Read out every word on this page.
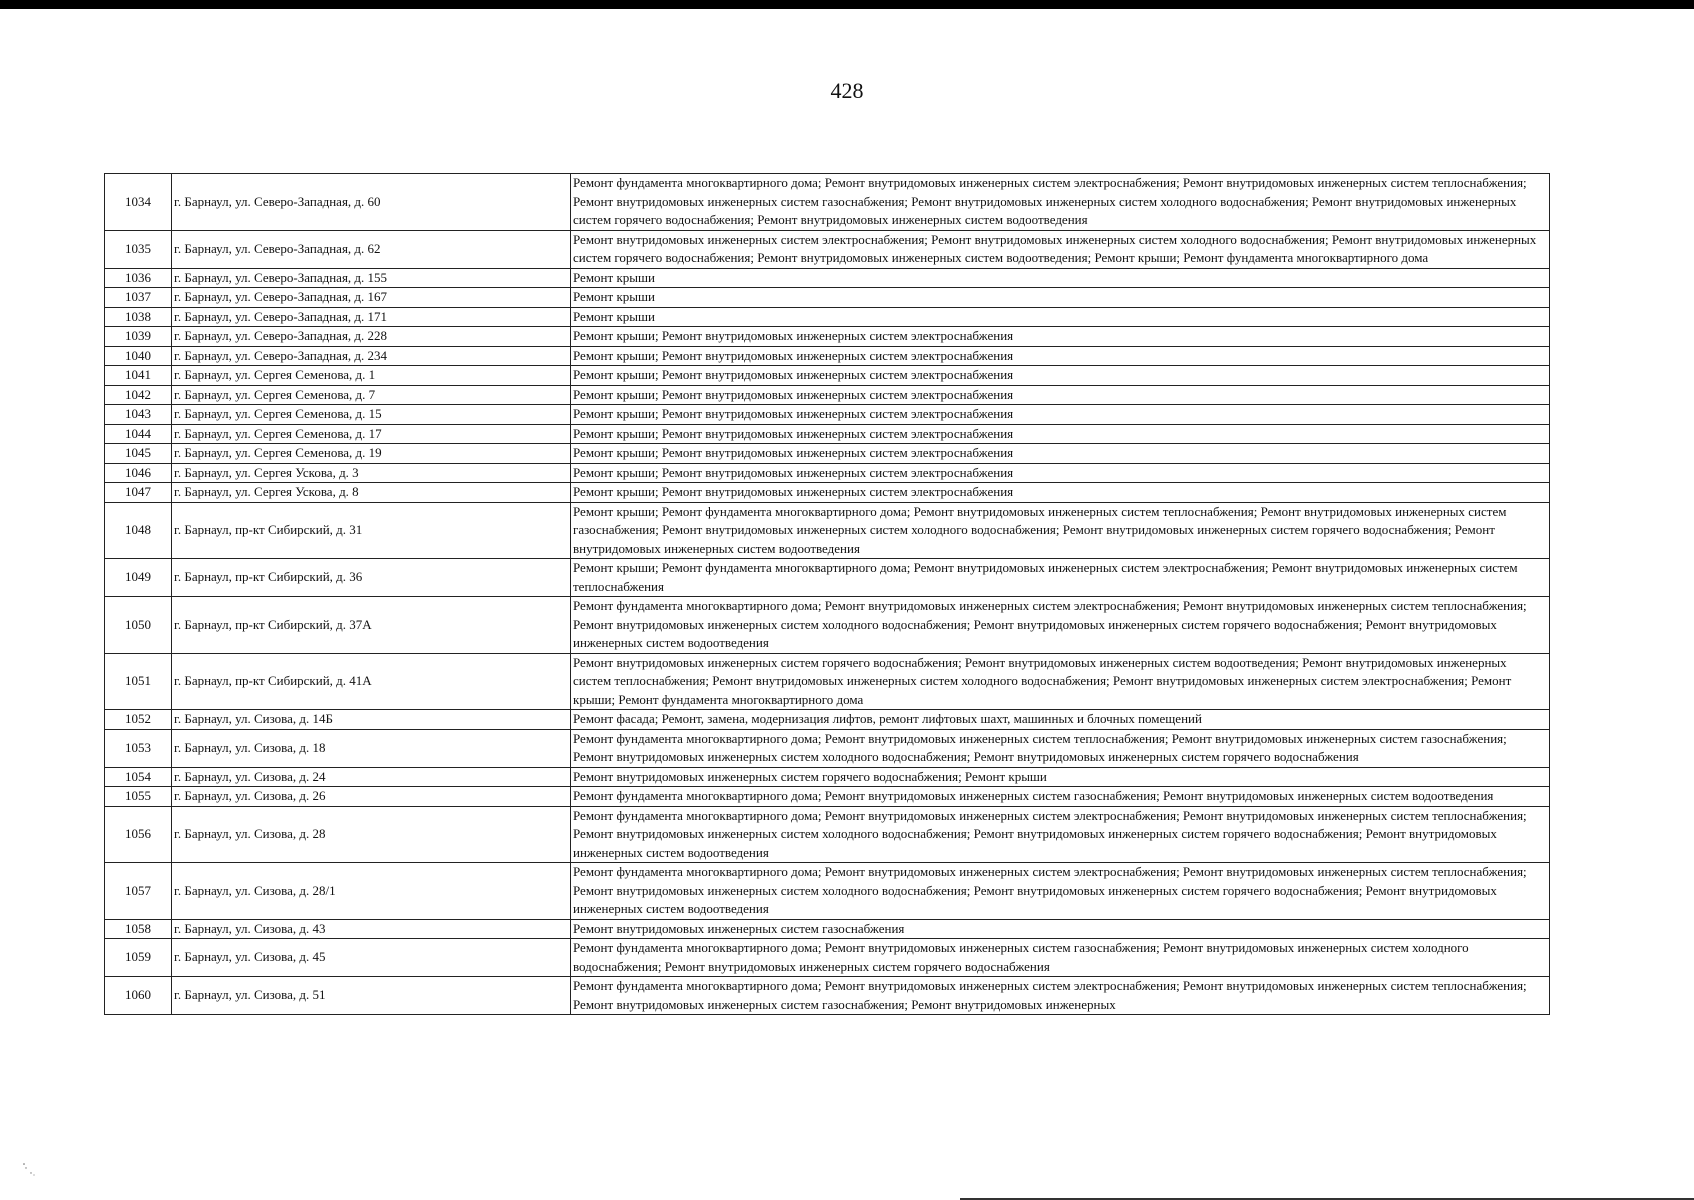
428
1034	г. Барнаул, ул. Северо-Западная, д. 60	Ремонт фундамента многоквартирного дома; Ремонт внутридомовых инженерных систем электроснабжения; Ремонт внутридомовых инженерных систем теплоснабжения; Ремонт внутридомовых инженерных систем газоснабжения; Ремонт внутридомовых инженерных систем холодного водоснабжения; Ремонт внутридомовых инженерных систем горячего водоснабжения; Ремонт внутридомовых инженерных систем водоотведения
1035	г. Барнаул, ул. Северо-Западная, д. 62	Ремонт внутридомовых инженерных систем электроснабжения; Ремонт внутридомовых инженерных систем холодного водоснабжения; Ремонт внутридомовых инженерных систем горячего водоснабжения; Ремонт внутридомовых инженерных систем водоотведения; Ремонт крыши; Ремонт фундамента многоквартирного дома
1036	г. Барнаул, ул. Северо-Западная, д. 155	Ремонт крыши
1037	г. Барнаул, ул. Северо-Западная, д. 167	Ремонт крыши
1038	г. Барнаул, ул. Северо-Западная, д. 171	Ремонт крыши
1039	г. Барнаул, ул. Северо-Западная, д. 228	Ремонт крыши; Ремонт внутридомовых инженерных систем электроснабжения
1040	г. Барнаул, ул. Северо-Западная, д. 234	Ремонт крыши; Ремонт внутридомовых инженерных систем электроснабжения
1041	г. Барнаул, ул. Сергея Семенова, д. 1	Ремонт крыши; Ремонт внутридомовых инженерных систем электроснабжения
1042	г. Барнаул, ул. Сергея Семенова, д. 7	Ремонт крыши; Ремонт внутридомовых инженерных систем электроснабжения
1043	г. Барнаул, ул. Сергея Семенова, д. 15	Ремонт крыши; Ремонт внутридомовых инженерных систем электроснабжения
1044	г. Барнаул, ул. Сергея Семенова, д. 17	Ремонт крыши; Ремонт внутридомовых инженерных систем электроснабжения
1045	г. Барнаул, ул. Сергея Семенова, д. 19	Ремонт крыши; Ремонт внутридомовых инженерных систем электроснабжения
1046	г. Барнаул, ул. Сергея Ускова, д. 3	Ремонт крыши; Ремонт внутридомовых инженерных систем электроснабжения
1047	г. Барнаул, ул. Сергея Ускова, д. 8	Ремонт крыши; Ремонт внутридомовых инженерных систем электроснабжения
1048	г. Барнаул, пр-кт Сибирский, д. 31	Ремонт крыши; Ремонт фундамента многоквартирного дома; Ремонт внутридомовых инженерных систем теплоснабжения; Ремонт внутридомовых инженерных систем газоснабжения; Ремонт внутридомовых инженерных систем холодного водоснабжения; Ремонт внутридомовых инженерных систем горячего водоснабжения; Ремонт внутридомовых инженерных систем водоотведения
1049	г. Барнаул, пр-кт Сибирский, д. 36	Ремонт крыши; Ремонт фундамента многоквартирного дома; Ремонт внутридомовых инженерных систем электроснабжения; Ремонт внутридомовых инженерных систем теплоснабжения
1050	г. Барнаул, пр-кт Сибирский, д. 37А	Ремонт фундамента многоквартирного дома; Ремонт внутридомовых инженерных систем электроснабжения; Ремонт внутридомовых инженерных систем теплоснабжения; Ремонт внутридомовых инженерных систем холодного водоснабжения; Ремонт внутридомовых инженерных систем горячего водоснабжения; Ремонт внутридомовых инженерных систем водоотведения
1051	г. Барнаул, пр-кт Сибирский, д. 41А	Ремонт внутридомовых инженерных систем горячего водоснабжения; Ремонт внутридомовых инженерных систем водоотведения; Ремонт внутридомовых инженерных систем теплоснабжения; Ремонт внутридомовых инженерных систем холодного водоснабжения; Ремонт внутридомовых инженерных систем электроснабжения; Ремонт крыши; Ремонт фундамента многоквартирного дома
1052	г. Барнаул, ул. Сизова, д. 14Б	Ремонт фасада; Ремонт, замена, модернизация лифтов, ремонт лифтовых шахт, машинных и блочных помещений
1053	г. Барнаул, ул. Сизова, д. 18	Ремонт фундамента многоквартирного дома; Ремонт внутридомовых инженерных систем теплоснабжения; Ремонт внутридомовых инженерных систем газоснабжения; Ремонт внутридомовых инженерных систем холодного водоснабжения; Ремонт внутридомовых инженерных систем горячего водоснабжения
1054	г. Барнаул, ул. Сизова, д. 24	Ремонт внутридомовых инженерных систем горячего водоснабжения; Ремонт крыши
1055	г. Барнаул, ул. Сизова, д. 26	Ремонт фундамента многоквартирного дома; Ремонт внутридомовых инженерных систем газоснабжения; Ремонт внутридомовых инженерных систем водоотведения
1056	г. Барнаул, ул. Сизова, д. 28	Ремонт фундамента многоквартирного дома; Ремонт внутридомовых инженерных систем электроснабжения; Ремонт внутридомовых инженерных систем теплоснабжения; Ремонт внутридомовых инженерных систем холодного водоснабжения; Ремонт внутридомовых инженерных систем горячего водоснабжения; Ремонт внутридомовых инженерных систем водоотведения
1057	г. Барнаул, ул. Сизова, д. 28/1	Ремонт фундамента многоквартирного дома; Ремонт внутридомовых инженерных систем электроснабжения; Ремонт внутридомовых инженерных систем теплоснабжения; Ремонт внутридомовых инженерных систем холодного водоснабжения; Ремонт внутридомовых инженерных систем горячего водоснабжения; Ремонт внутридомовых инженерных систем водоотведения
1058	г. Барнаул, ул. Сизова, д. 43	Ремонт внутридомовых инженерных систем газоснабжения
1059	г. Барнаул, ул. Сизова, д. 45	Ремонт фундамента многоквартирного дома; Ремонт внутридомовых инженерных систем газоснабжения; Ремонт внутридомовых инженерных систем холодного водоснабжения; Ремонт внутридомовых инженерных систем горячего водоснабжения
1060	г. Барнаул, ул. Сизова, д. 51	Ремонт фундамента многоквартирного дома; Ремонт внутридомовых инженерных систем электроснабжения; Ремонт внутридомовых инженерных систем теплоснабжения; Ремонт внутридомовых инженерных систем газоснабжения; Ремонт внутридомовых инженерных
